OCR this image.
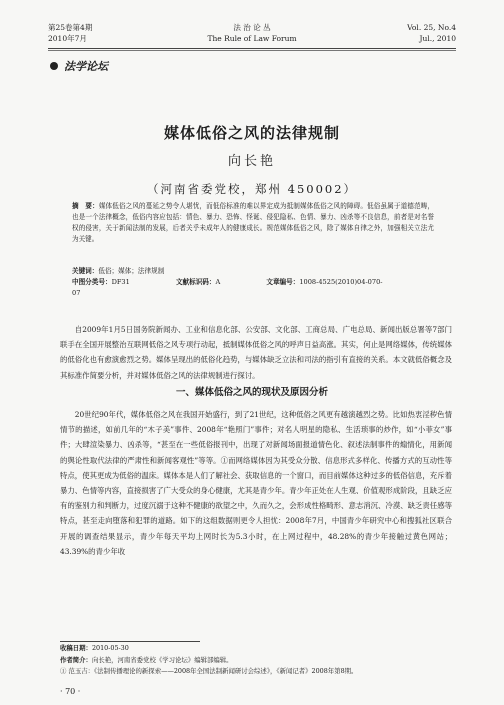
第25卷第4期
2010年7月
法 治 论 丛
The Rule of Law Forum
Vol. 25, No.4
Jul., 2010
法学论坛
媒体低俗之风的法律规制
向长艳
（河南省委党校，郑州 450002）
摘　要：媒体低俗之风的蔓延之势令人堪忧，而低俗标准的难以界定成为抵制媒体低俗之风的障碍。低俗虽属于道德范畴，也是一个法律概念，低俗内容应包括：情色、暴力、恐怖、怪诞、侵犯隐私、色情、暴力、凶杀等不良信息，前者是对名誉权的侵害，关于新闻法制的发展，后者关乎未成年人的健康成长。规范媒体低俗之风，除了媒体自律之外，加强相关立法尤为关键。
关键词：低俗；媒体；法律规制
中图分类号：DF31	文献标识码：A	文章编号：1008-4525(2010)04-070-07

自2009年1月5日国务院新闻办、工业和信息化部、公安部、文化部、工商总局、广电总局、新闻出版总署等7部门联手在全国开展整治互联网低俗之风专项行动起，抵制媒体低俗之风的呼声日益高涨。其实，何止是网络媒体，传统媒体的低俗化也有愈演愈烈之势。媒体呈现出的低俗化趋势，与媒体缺乏立法和司法的指引有直接的关系。本文就低俗概念及其标准作简要分析，并对媒体低俗之风的法律规制进行探讨。

一、媒体低俗之风的现状及原因分析

20世纪90年代，媒体低俗之风在我国开始盛行，到了21世纪，这种低俗之风更有越演越烈之势。比如热衷淫秽色情情节的描述，如前几年的“木子美”事件、2008年“艳照门”事件；对名人明星的隐私、生活琐事的炒作，如“小菲女”事件；大肆渲染暴力、凶杀等，“甚至在一些低俗报刊中，出现了对新闻场面报道情色化、叙述法制事件的煽情化，用新闻的舆论性取代法律的严肃性和新闻客观性”等等。①而网络媒体因为其受众分散、信息形式多样化、传播方式的互动性等特点，使其更成为低俗的温床。媒体本是人们了解社会、获取信息的一个窗口，而目前媒体这种过多的低俗信息，充斥着暴力、色情等内容，直接损害了广大受众的身心健康，尤其是青少年。青少年正处在人生观、价值观形成阶段，且缺乏应有的鉴别力和判断力，过度沉溺于这种不健康的欲望之中，久而久之，会形成性格畸形、意志消沉、冷漠、缺乏责任感等特点，甚至走向堕落和犯罪的道路。如下的这组数据则更令人担忧：2008年7月，中国青少年研究中心和搜狐社区联合开展的调查结果显示，青少年每天平均上网时长为5.3小时，在上网过程中，48.28%的青少年接触过黄色网站；43.39%的青少年收

收稿日期：2010-05-30
作者简介：向长艳，河南省委党校《学习论坛》编辑部编辑。
① 范玉吉：《法制传播理论的新探索——2008年全国法制新闻研讨会综述》，《新闻记者》2008年第8期。
· 70 ·
